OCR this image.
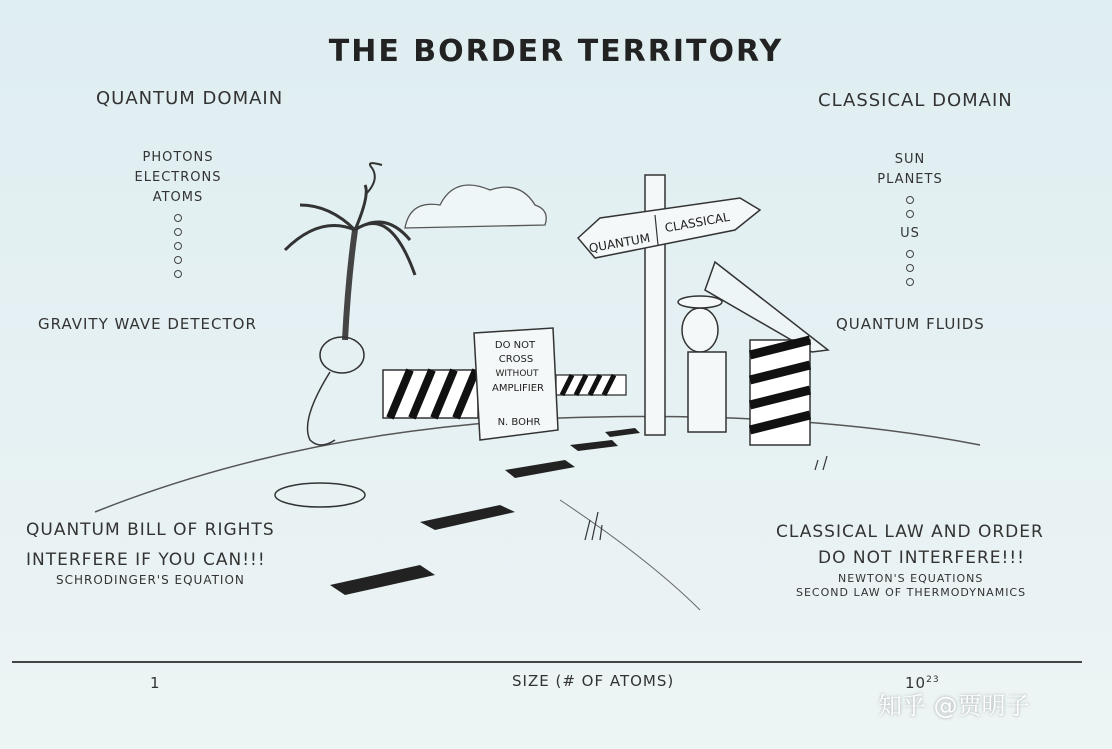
THE BORDER TERRITORY
QUANTUM DOMAIN	CLASSICAL DOMAIN
PHOTONS
ELECTRONS
ATOMS
GRAVITY WAVE DETECTOR
SUN
PLANETS
US
QUANTUM FLUIDS
QUANTUM
CLASSICAL
DO NOT
CROSS
WITHOUT
AMPLIFIER
N. BOHR
QUANTUM BILL OF RIGHTS
INTERFERE IF YOU CAN!!!
SCHRODINGER'S EQUATION
CLASSICAL LAW AND ORDER
DO NOT INTERFERE!!!
NEWTON'S EQUATIONS
SECOND LAW OF THERMODYNAMICS
1	SIZE (# OF ATOMS)	$10^{23}$
知乎 @贾明子
